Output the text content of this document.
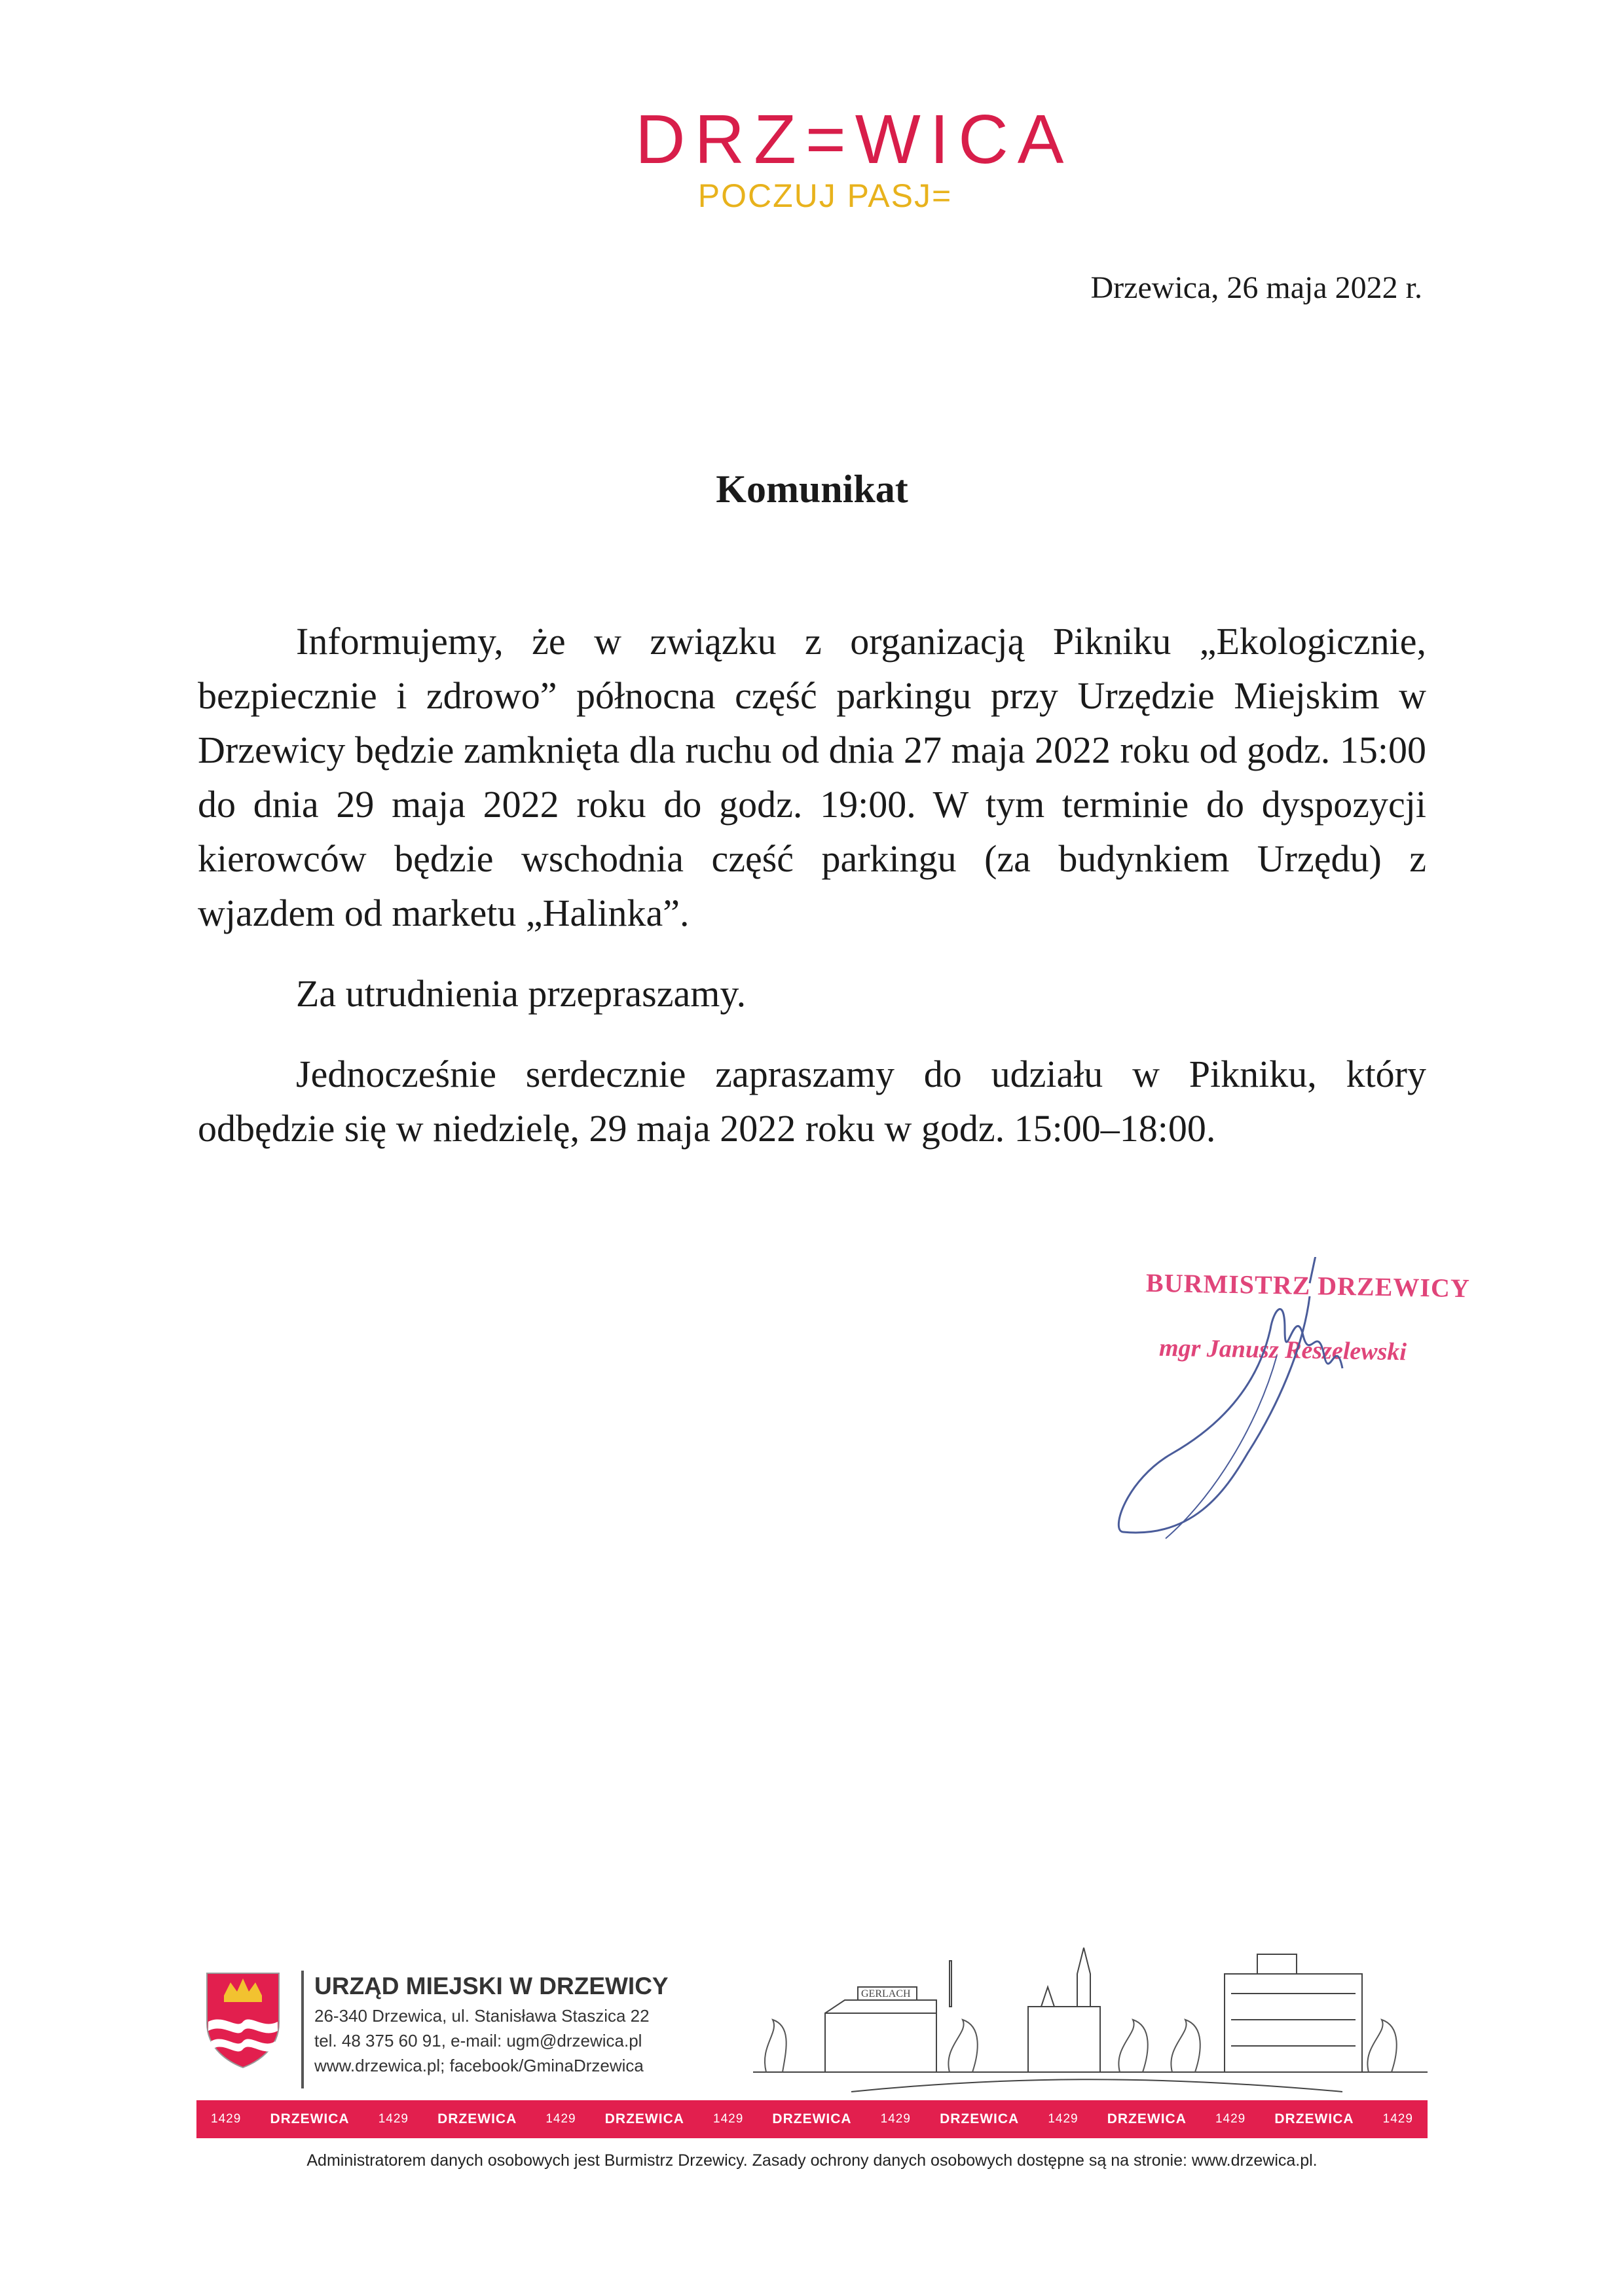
DRZ=WICA
POCZUJ PASJ=
Drzewica, 26 maja 2022 r.
Komunikat

Informujemy, że w związku z organizacją Pikniku „Ekologicznie, bezpiecznie i zdrowo” północna część parkingu przy Urzędzie Miejskim w Drzewicy będzie zamknięta dla ruchu od dnia 27 maja 2022 roku od godz. 15:00 do dnia 29 maja 2022 roku do godz. 19:00. W tym terminie do dyspozycji kierowców będzie wschodnia część parkingu (za budynkiem Urzędu) z wjazdem od marketu „Halinka”.

Za utrudnienia przepraszamy.

Jednocześnie serdecznie zapraszamy do udziału w Pikniku, który odbędzie się w niedzielę, 29 maja 2022 roku w godz. 15:00–18:00.

BURMISTRZ DRZEWICY
mgr Janusz Reszelewski
URZĄD MIEJSKI W DRZEWICY
26-340 Drzewica, ul. Stanisława Staszica 22
tel. 48 375 60 91, e-mail: ugm@drzewica.pl
www.drzewica.pl; facebook/GminaDrzewica
GERLACH
1429 DRZEWICA 1429 DRZEWICA 1429 DRZEWICA 1429 DRZEWICA 1429 DRZEWICA 1429 DRZEWICA 1429 DRZEWICA 1429
Administratorem danych osobowych jest Burmistrz Drzewicy. Zasady ochrony danych osobowych dostępne są na stronie: www.drzewica.pl.
